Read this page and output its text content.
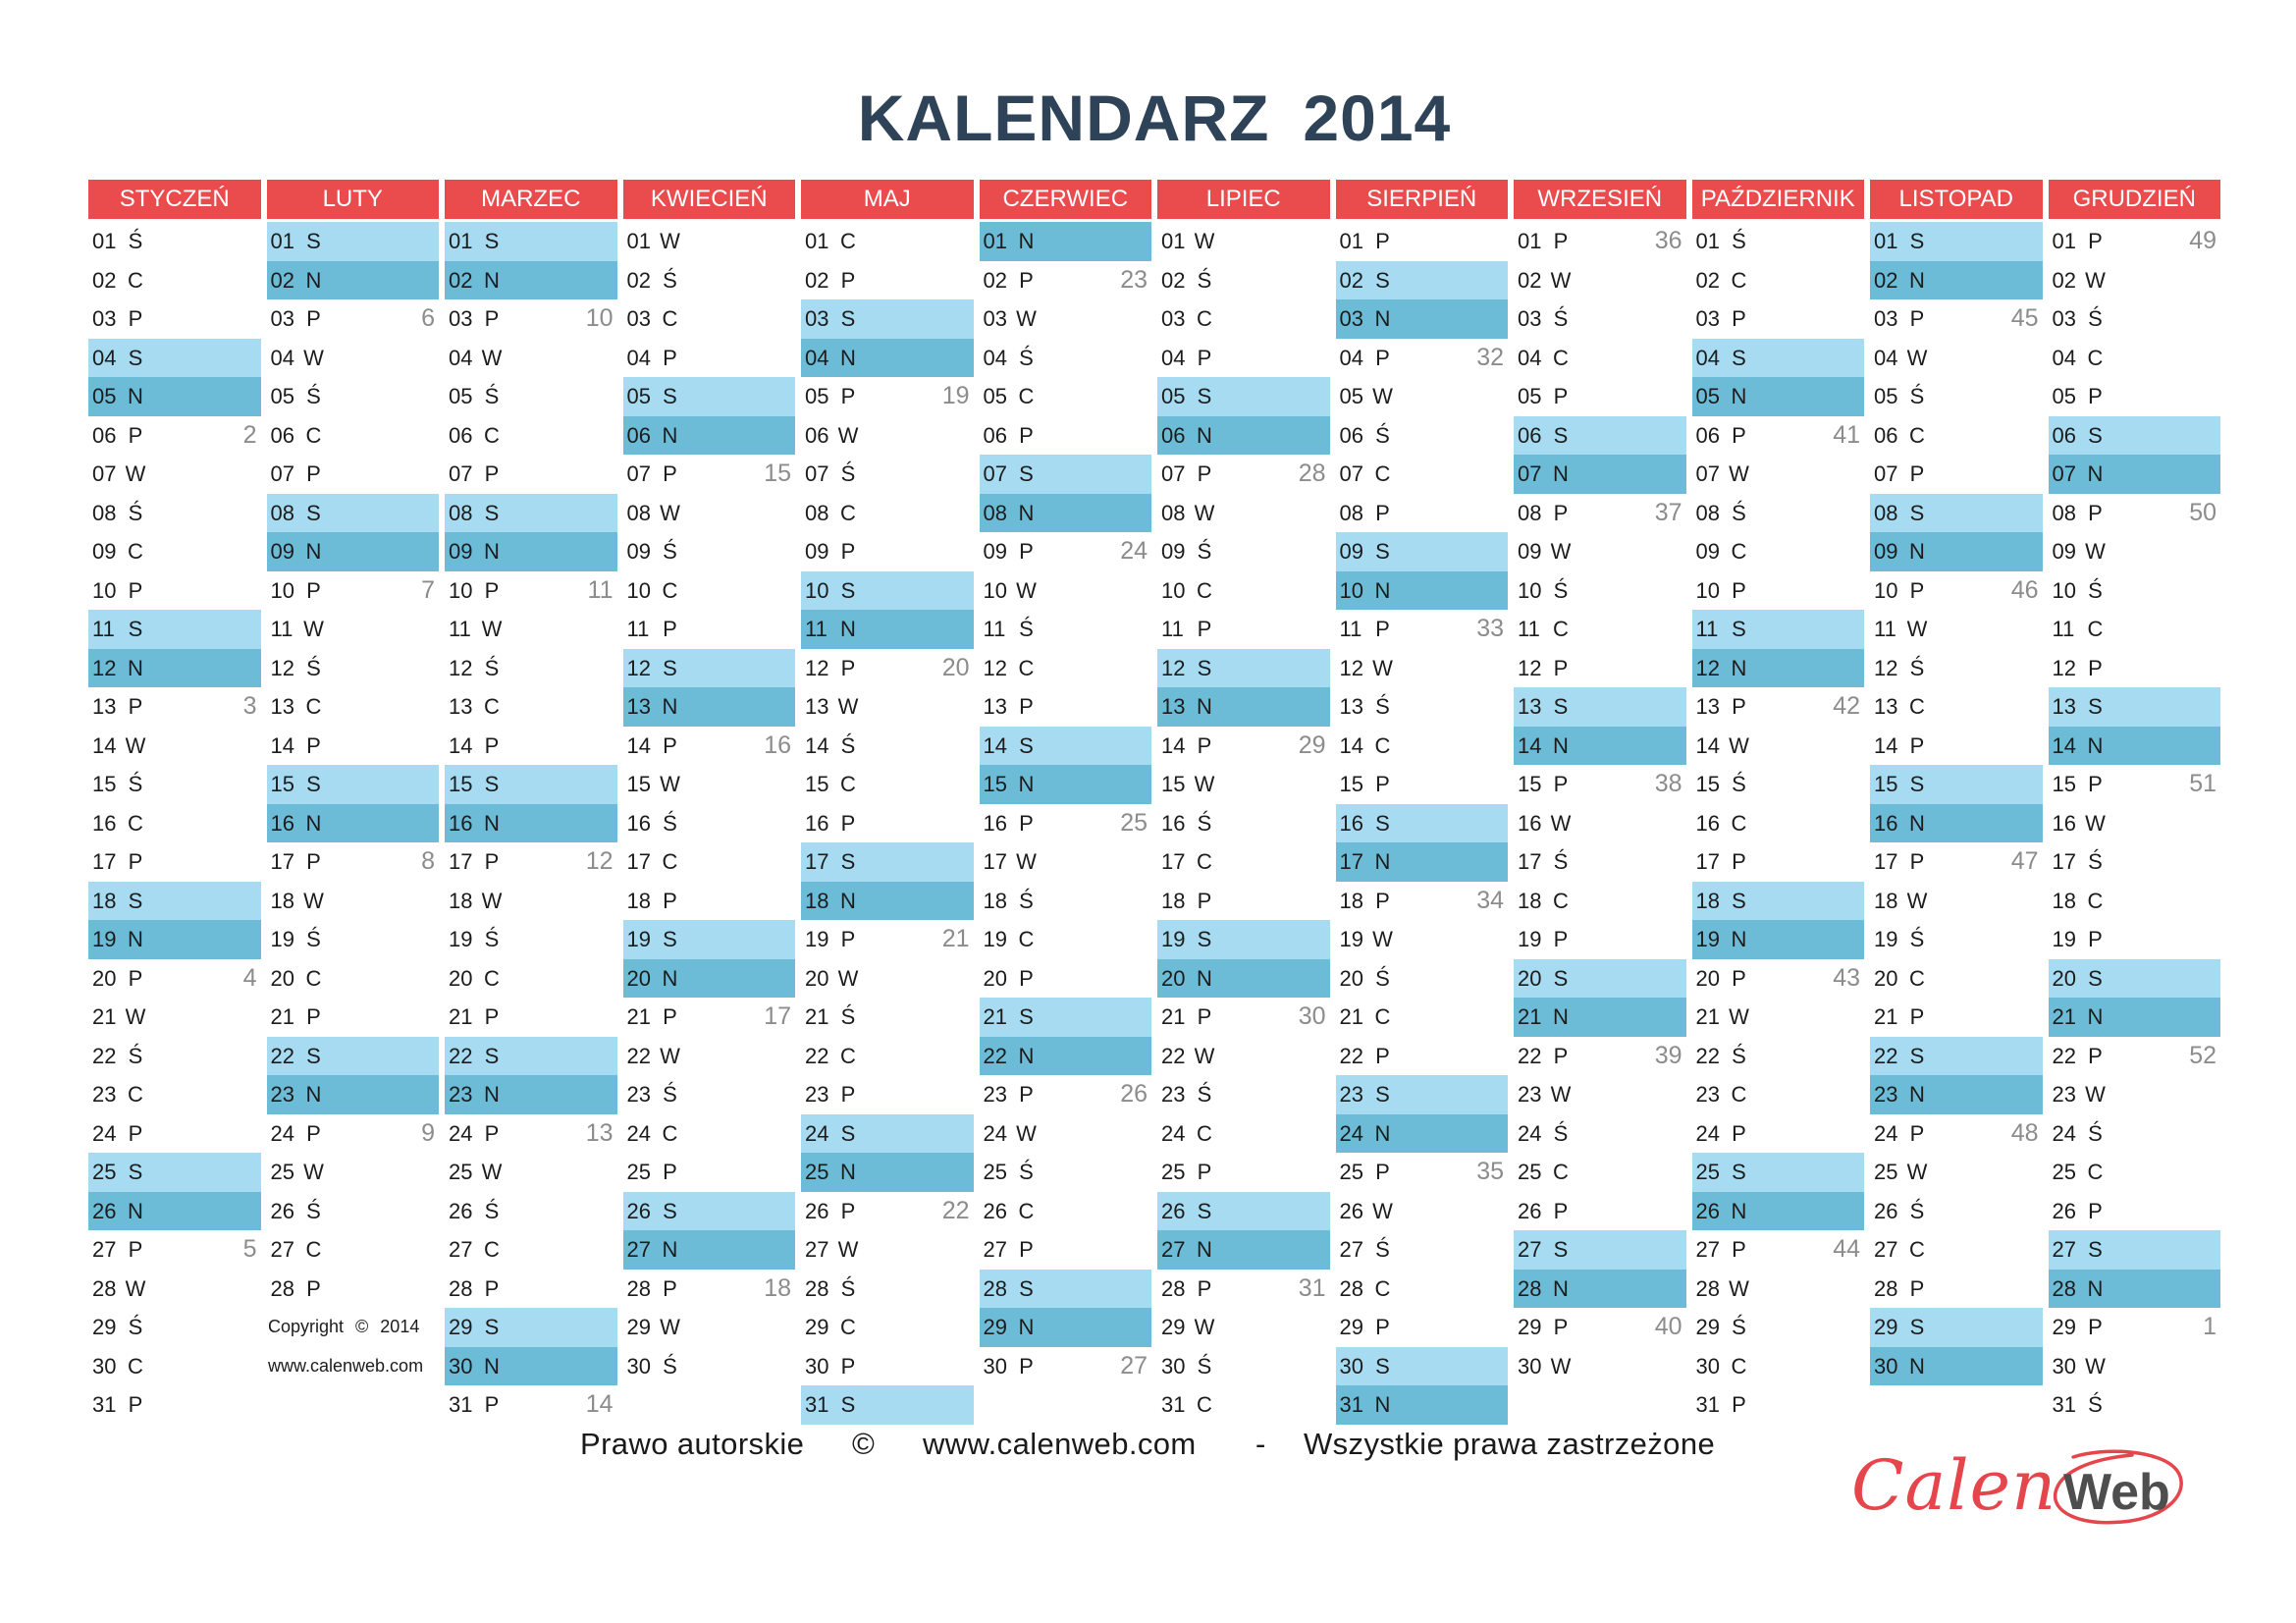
KALENDARZ 2014
STYCZEŃ
01 Ś
02 C
03 P
04 S
05 N
06 P	2
07 W
08 Ś
09 C
10 P
11 S
12 N
13 P	3
14 W
15 Ś
16 C
17 P
18 S
19 N
20 P	4
21 W
22 Ś
23 C
24 P
25 S
26 N
27 P	5
28 W
29 Ś
30 C
31 P
LUTY
01 S
02 N
03 P	6
04 W
05 Ś
06 C
07 P
08 S
09 N
10 P	7
11 W
12 Ś
13 C
14 P
15 S
16 N
17 P	8
18 W
19 Ś
20 C
21 P
22 S
23 N
24 P	9
25 W
26 Ś
27 C
28 P
MARZEC
01 S
02 N
03 P	10
04 W
05 Ś
06 C
07 P
08 S
09 N
10 P	11
11 W
12 Ś
13 C
14 P
15 S
16 N
17 P	12
18 W
19 Ś
20 C
21 P
22 S
23 N
24 P	13
25 W
26 Ś
27 C
28 P
29 S
30 N
31 P	14
KWIECIEŃ
01 W
02 Ś
03 C
04 P
05 S
06 N
07 P	15
08 W
09 Ś
10 C
11 P
12 S
13 N
14 P	16
15 W
16 Ś
17 C
18 P
19 S
20 N
21 P	17
22 W
23 Ś
24 C
25 P
26 S
27 N
28 P	18
29 W
30 Ś
MAJ
01 C
02 P
03 S
04 N
05 P	19
06 W
07 Ś
08 C
09 P
10 S
11 N
12 P	20
13 W
14 Ś
15 C
16 P
17 S
18 N
19 P	21
20 W
21 Ś
22 C
23 P
24 S
25 N
26 P	22
27 W
28 Ś
29 C
30 P
31 S
CZERWIEC
01 N
02 P	23
03 W
04 Ś
05 C
06 P
07 S
08 N
09 P	24
10 W
11 Ś
12 C
13 P
14 S
15 N
16 P	25
17 W
18 Ś
19 C
20 P
21 S
22 N
23 P	26
24 W
25 Ś
26 C
27 P
28 S
29 N
30 P	27
LIPIEC
01 W
02 Ś
03 C
04 P
05 S
06 N
07 P	28
08 W
09 Ś
10 C
11 P
12 S
13 N
14 P	29
15 W
16 Ś
17 C
18 P
19 S
20 N
21 P	30
22 W
23 Ś
24 C
25 P
26 S
27 N
28 P	31
29 W
30 Ś
31 C
SIERPIEŃ
01 P
02 S
03 N
04 P	32
05 W
06 Ś
07 C
08 P
09 S
10 N
11 P	33
12 W
13 Ś
14 C
15 P
16 S
17 N
18 P	34
19 W
20 Ś
21 C
22 P
23 S
24 N
25 P	35
26 W
27 Ś
28 C
29 P
30 S
31 N
WRZESIEŃ
01 P	36
02 W
03 Ś
04 C
05 P
06 S
07 N
08 P	37
09 W
10 Ś
11 C
12 P
13 S
14 N
15 P	38
16 W
17 Ś
18 C
19 P
20 S
21 N
22 P	39
23 W
24 Ś
25 C
26 P
27 S
28 N
29 P	40
30 W
PAŹDZIERNIK
01 Ś
02 C
03 P
04 S
05 N
06 P	41
07 W
08 Ś
09 C
10 P
11 S
12 N
13 P	42
14 W
15 Ś
16 C
17 P
18 S
19 N
20 P	43
21 W
22 Ś
23 C
24 P
25 S
26 N
27 P	44
28 W
29 Ś
30 C
31 P
LISTOPAD
01 S
02 N
03 P	45
04 W
05 Ś
06 C
07 P
08 S
09 N
10 P	46
11 W
12 Ś
13 C
14 P
15 S
16 N
17 P	47
18 W
19 Ś
20 C
21 P
22 S
23 N
24 P	48
25 W
26 Ś
27 C
28 P
29 S
30 N
GRUDZIEŃ
01 P	49
02 W
03 Ś
04 C
05 P
06 S
07 N
08 P	50
09 W
10 Ś
11 C
12 P
13 S
14 N
15 P	51
16 W
17 Ś
18 C
19 P
20 S
21 N
22 P	52
23 W
24 Ś
25 C
26 P
27 S
28 N
29 P	1
30 W
31 Ś
Copyright © 2014
www.calenweb.com
Prawo autorskie © www.calenweb.com - Wszystkie prawa zastrzeżone
Calen Web
